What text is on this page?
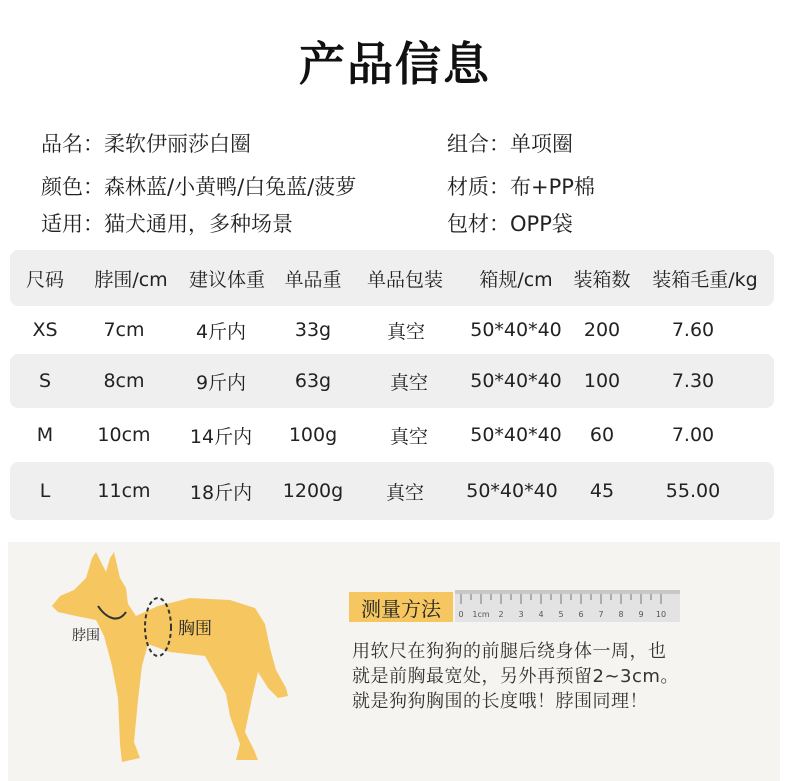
产品信息
品名：柔软伊丽莎白圈	组合：单项圈
颜色：森林蓝/小黄鸭/白兔蓝/菠萝	材质：布+PP棉
适用：猫犬通用，多种场景	包材：OPP袋
尺码	脖围/cm	建议体重	单品重	单品包装	箱规/cm	装箱数	装箱毛重/kg
XS	7cm	4斤内	33g	真空	50*40*40	200	7.60
S	8cm	9斤内	63g	真空	50*40*40	100	7.30
M	10cm	14斤内	100g	真空	50*40*40	60	7.00
L	11cm	18斤内	1200g	真空	50*40*40	45	55.00
脖围	胸围
测量方法	0 1cm 2 3 4 5 6 7 8 9 10
用软尺在狗狗的前腿后绕身体一周，也
就是前胸最宽处，另外再预留2~3cm。
就是狗狗胸围的长度哦！脖围同理！
